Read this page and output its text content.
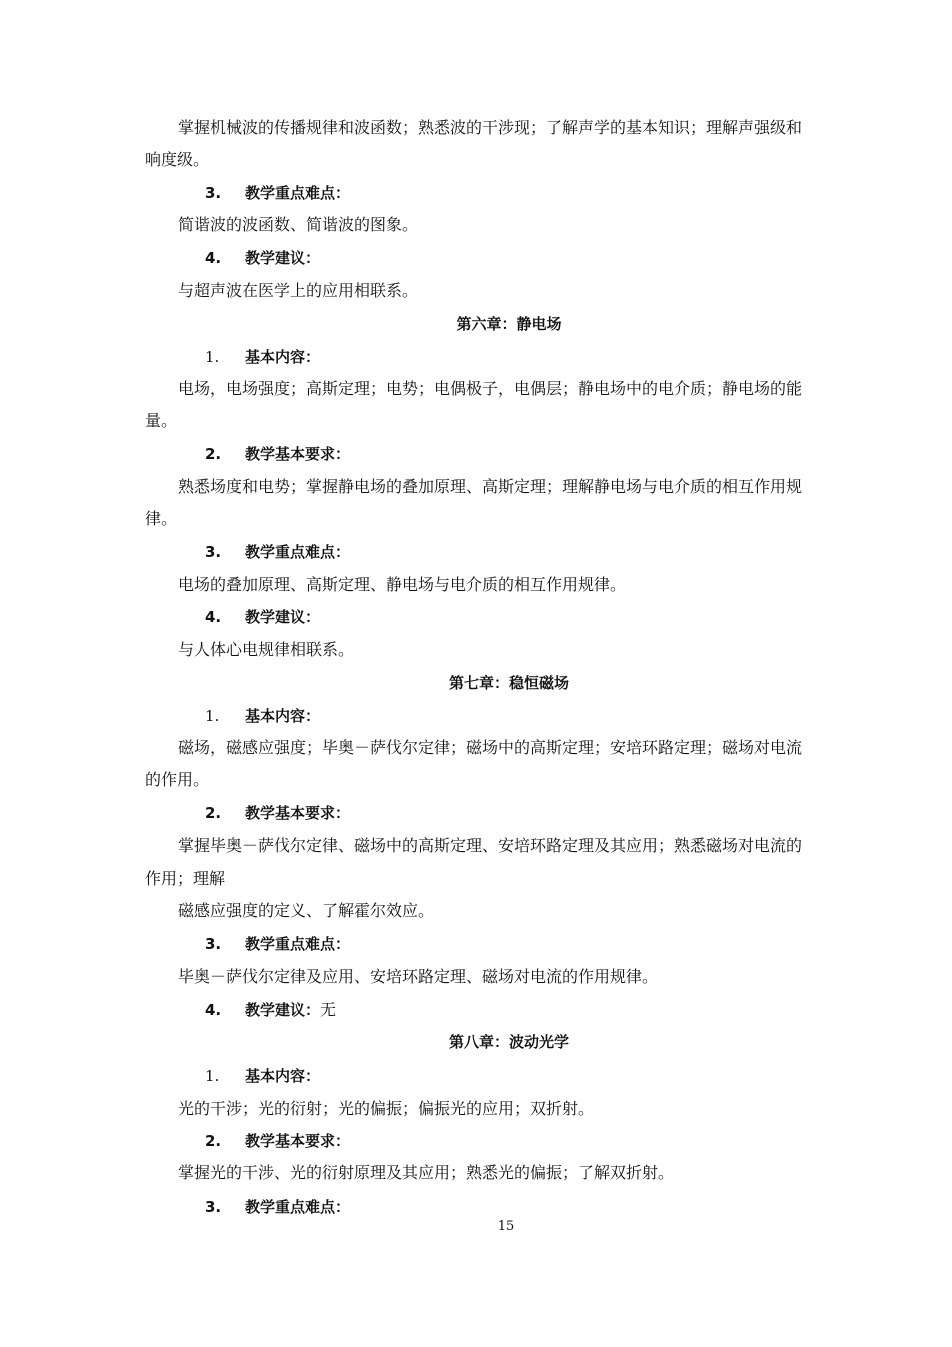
掌握机械波的传播规律和波函数；熟悉波的干涉现；了解声学的基本知识；理解声强级和
响度级。
3. 教学重点难点：
简谐波的波函数、简谐波的图象。
4. 教学建议：
与超声波在医学上的应用相联系。
第六章：静电场
1. 基本内容：
电场，电场强度；高斯定理；电势；电偶极子，电偶层；静电场中的电介质；静电场的能
量。
2. 教学基本要求：
熟悉场度和电势；掌握静电场的叠加原理、高斯定理；理解静电场与电介质的相互作用规
律。
3. 教学重点难点：
电场的叠加原理、高斯定理、静电场与电介质的相互作用规律。
4. 教学建议：
与人体心电规律相联系。
第七章：稳恒磁场
1. 基本内容：
磁场，磁感应强度；毕奥－萨伐尔定律；磁场中的高斯定理；安培环路定理；磁场对电流
的作用。
2. 教学基本要求：
掌握毕奥－萨伐尔定律、磁场中的高斯定理、安培环路定理及其应用；熟悉磁场对电流的
作用；理解
磁感应强度的定义、了解霍尔效应。
3. 教学重点难点：
毕奥－萨伐尔定律及应用、安培环路定理、磁场对电流的作用规律。
4. 教学建议：无
第八章：波动光学
1. 基本内容：
光的干涉；光的衍射；光的偏振；偏振光的应用；双折射。
2. 教学基本要求：
掌握光的干涉、光的衍射原理及其应用；熟悉光的偏振；了解双折射。
3. 教学重点难点：
15
